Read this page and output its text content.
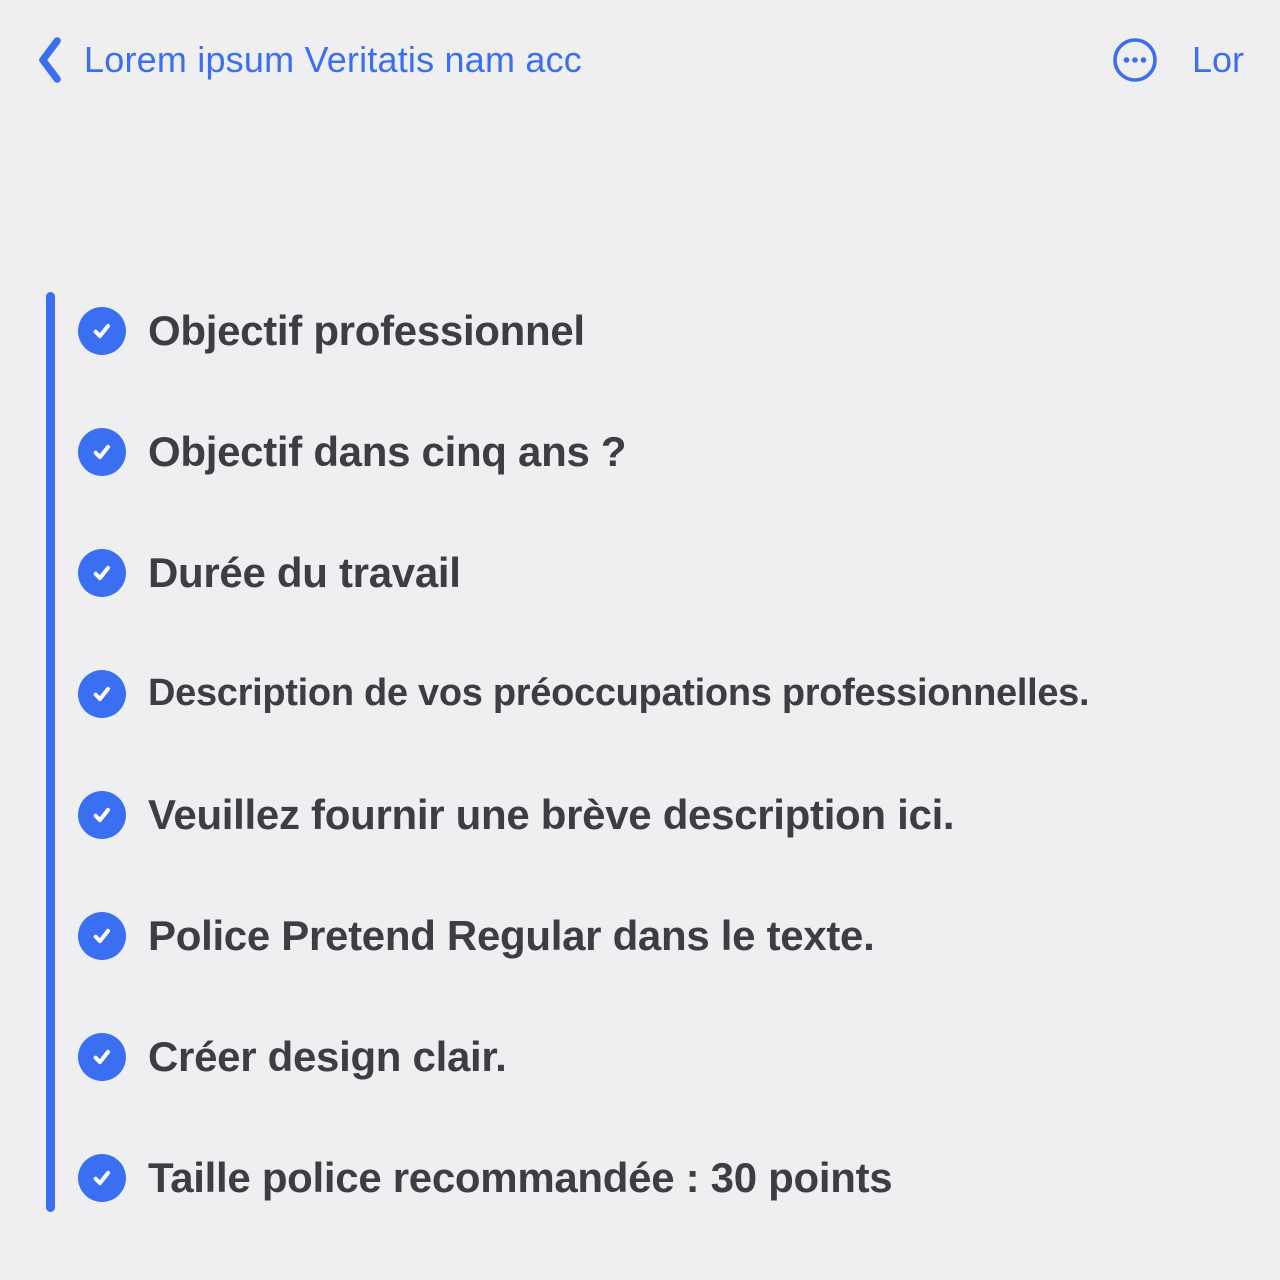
Lorem ipsum Veritatis nam acc	Lor
Objectif professionnel
Objectif dans cinq ans ?
Durée du travail
Description de vos préoccupations professionnelles.
Veuillez fournir une brève description ici.
Police Pretend Regular dans le texte.
Créer design clair.
Taille police recommandée : 30 points
